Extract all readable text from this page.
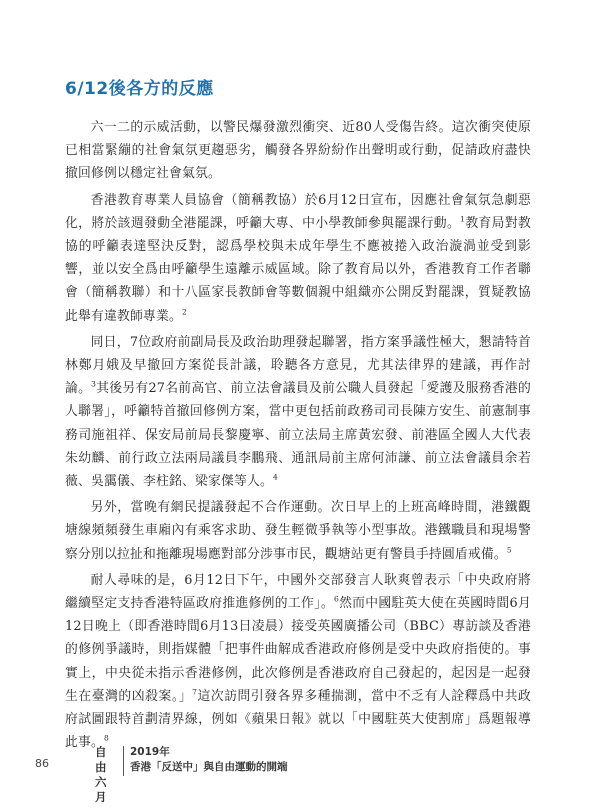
6/12後各方的反應

六一二的示威活動，以警民爆發激烈衝突、近80人受傷告終。這次衝突使原已相當緊繃的社會氣氛更趨惡劣，觸發各界紛紛作出聲明或行動，促請政府盡快撤回修例以穩定社會氣氛。

香港教育專業人員協會（簡稱教協）於6月12日宣布，因應社會氣氛急劇惡化，將於該週發動全港罷課，呼籲大專、中小學教師參與罷課行動。$^1$教育局對教協的呼籲表達堅決反對，認爲學校與未成年學生不應被捲入政治漩渦並受到影響，並以安全爲由呼籲學生遠離示威區域。除了教育局以外，香港教育工作者聯會（簡稱教聯）和十八區家長教師會等數個親中組織亦公開反對罷課，質疑教協此舉有違教師專業。$^2$

同日，7位政府前副局長及政治助理發起聯署，指方案爭議性極大，懇請特首林鄭月娥及早撤回方案從長計議，聆聽各方意見，尤其法律界的建議，再作討論。$^3$其後另有27名前高官、前立法會議員及前公職人員發起「愛護及服務香港的人聯署」，呼籲特首撤回修例方案，當中更包括前政務司司長陳方安生、前憲制事務司施祖祥、保安局前局長黎慶寧、前立法局主席黃宏發、前港區全國人大代表朱幼麟、前行政立法兩局議員李鵬飛、通訊局前主席何沛謙、前立法會議員余若薇、吳靄儀、李柱銘、梁家傑等人。$^4$

另外，當晚有網民提議發起不合作運動。次日早上的上班高峰時間，港鐵觀塘線頻頻發生車廂內有乘客求助、發生輕微爭執等小型事故。港鐵職員和現場警察分別以拉扯和拖離現場應對部分涉事市民，觀塘站更有警員手持圓盾戒備。$^5$

耐人尋味的是，6月12日下午，中國外交部發言人耿爽曾表示「中央政府將繼續堅定支持香港特區政府推進修例的工作」。$^6$然而中國駐英大使在英國時間6月12日晚上（即香港時間6月13日凌晨）接受英國廣播公司（BBC）專訪談及香港的修例爭議時，則指媒體「把事件曲解成香港政府修例是受中央政府指使的。事實上，中央從未指示香港修例，此次修例是香港政府自己發起的，起因是一起發生在臺灣的凶殺案。」$^7$這次訪問引發各界多種揣測，當中不乏有人詮釋爲中共政府試圖跟特首劃清界線，例如《蘋果日報》就以「中國駐英大使割席」爲題報導此事。$^8$

86
自由
六月
2019年
香港「反送中」與自由運動的開端
